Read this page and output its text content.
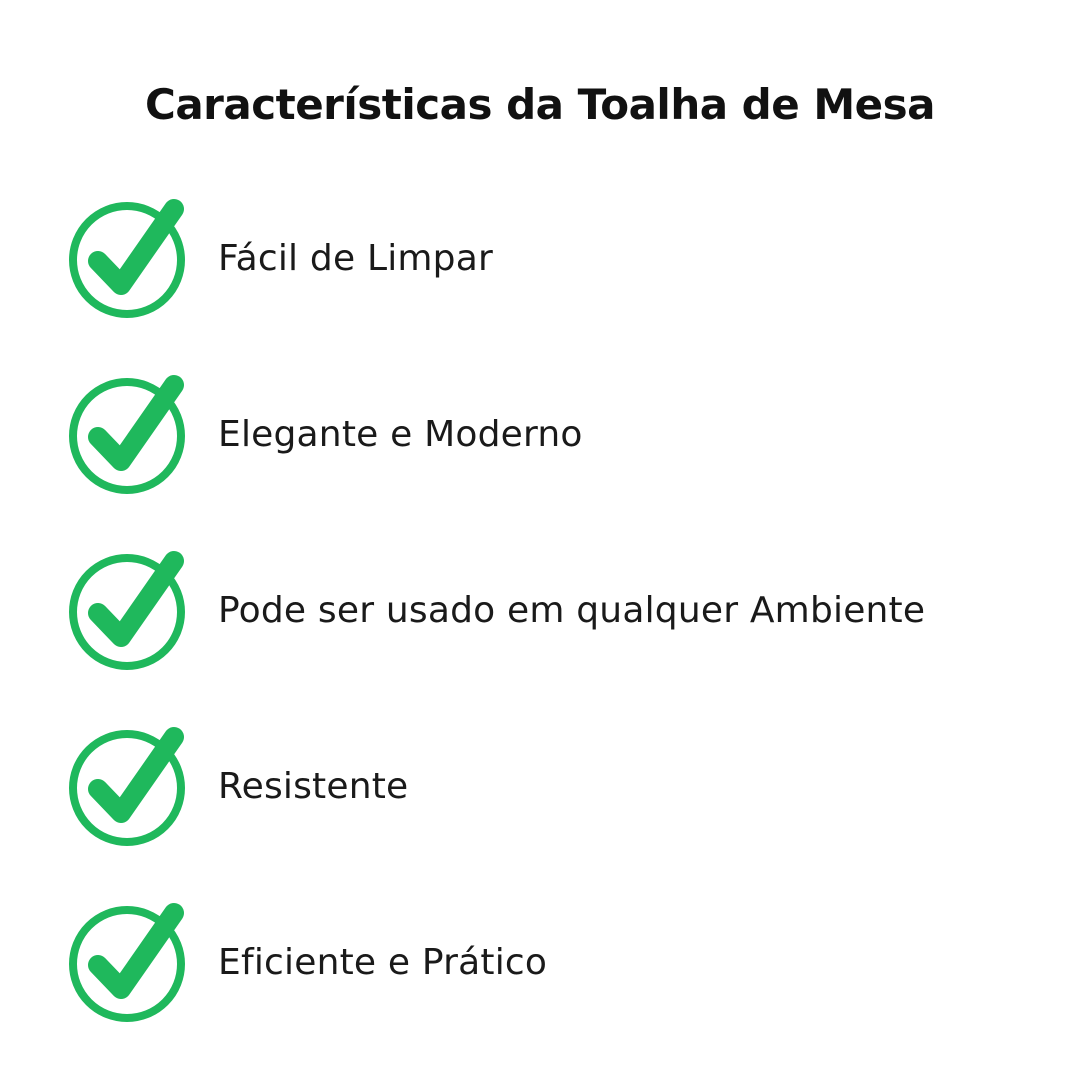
Características da Toalha de Mesa
Fácil de Limpar
Elegante e Moderno
Pode ser usado em qualquer Ambiente
Resistente
Eficiente e Prático
